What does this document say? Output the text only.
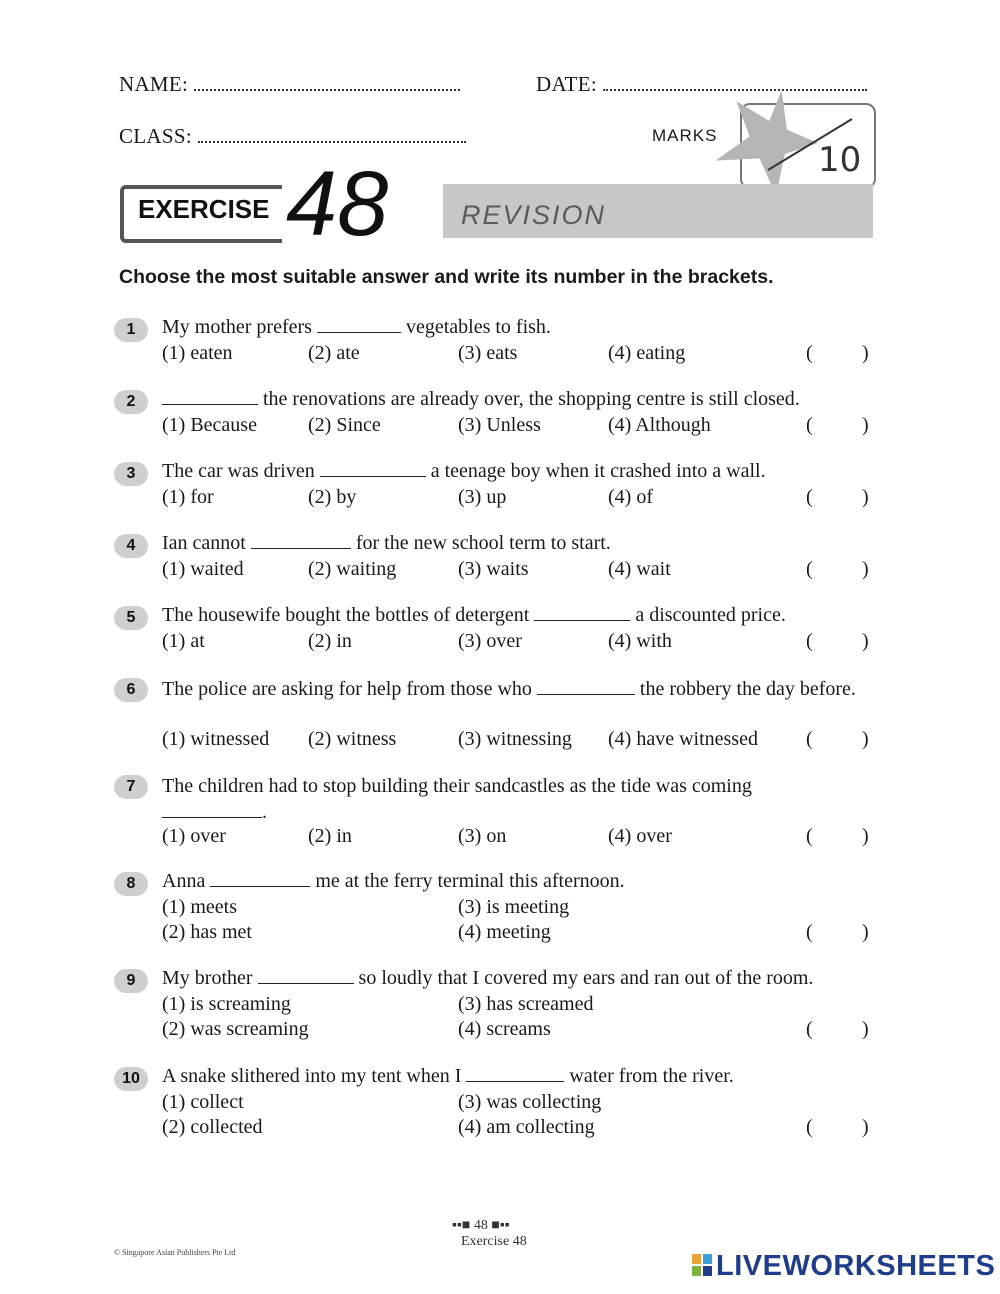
NAME:	DATE:
CLASS:	MARKS
10
EXERCISE 48	REVISION
Choose the most suitable answer and write its number in the brackets.
1	My mother prefers	vegetables to fish.
(1) eaten	(2) ate	(3) eats	(4) eating	( )
2	the renovations are already over, the shopping centre is still closed.
(1) Because	(2) Since	(3) Unless	(4) Although	( )
3	The car was driven	a teenage boy when it crashed into a wall.
(1) for	(2) by	(3) up	(4) of	( )
4	Ian cannot	for the new school term to start.
(1) waited	(2) waiting	(3) waits	(4) wait	( )
5	The housewife bought the bottles of detergent	a discounted price.
(1) at	(2) in	(3) over	(4) with	( )
6	The police are asking for help from those who	the robbery the day before.
(1) witnessed (2) witness	(3) witnessing (4) have witnessed ( )
7	The children had to stop building their sandcastles as the tide was coming
.
(1) over	(2) in	(3) on	(4) over	( )
8	Anna	me at the ferry terminal this afternoon.
(1) meets	(3) is meeting
(2) has met	(4) meeting	( )
9	My brother	so loudly that I covered my ears and ran out of the room.
(1) is screaming	(3) has screamed
(2) was screaming	(4) screams	( )
10	A snake slithered into my tent when I	water from the river.
(1) collect	(3) was collecting
(2) collected	(4) am collecting	( )
▪▪■ 48 ■▪▪
Exercise 48
© Singapore Asian Publishers Pte Ltd	LIVEWORKSHEETS
